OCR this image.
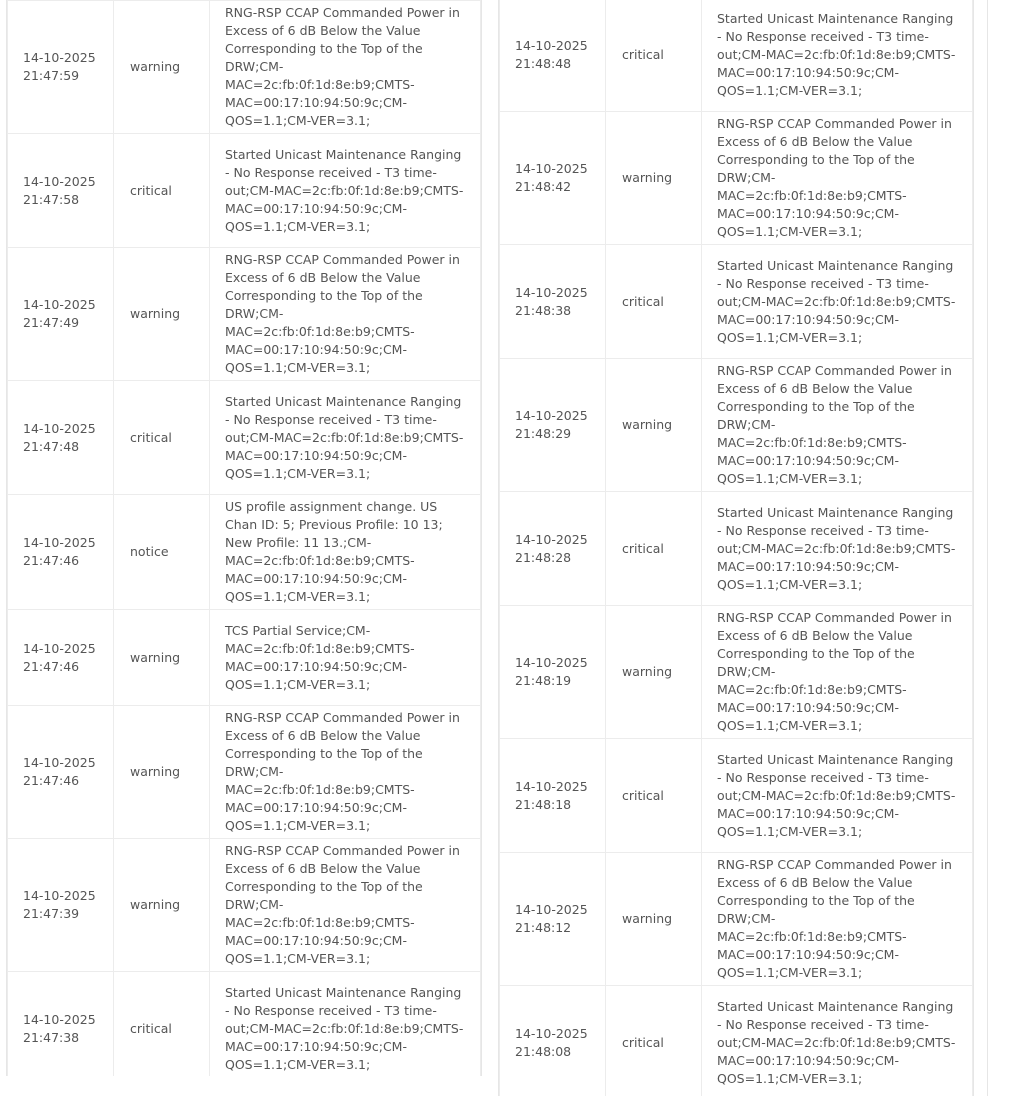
14-10-2025
21:47:59	warning	RNG-RSP CCAP Commanded Power in Excess of 6 dB Below the Value Corresponding to the Top of the DRW;CM-MAC=2c:fb:0f:1d:8e:b9;CMTS-MAC=00:17:10:94:50:9c;CM-QOS=1.1;CM-VER=3.1;
14-10-2025
21:47:58	critical	Started Unicast Maintenance Ranging - No Response received - T3 time-out;CM-MAC=2c:fb:0f:1d:8e:b9;CMTS-MAC=00:17:10:94:50:9c;CM-QOS=1.1;CM-VER=3.1;
14-10-2025
21:47:49	warning	RNG-RSP CCAP Commanded Power in Excess of 6 dB Below the Value Corresponding to the Top of the DRW;CM-MAC=2c:fb:0f:1d:8e:b9;CMTS-MAC=00:17:10:94:50:9c;CM-QOS=1.1;CM-VER=3.1;
14-10-2025
21:47:48	critical	Started Unicast Maintenance Ranging - No Response received - T3 time-out;CM-MAC=2c:fb:0f:1d:8e:b9;CMTS-MAC=00:17:10:94:50:9c;CM-QOS=1.1;CM-VER=3.1;
14-10-2025
21:47:46	notice	US profile assignment change. US Chan ID: 5; Previous Profile: 10 13; New Profile: 11 13.;CM-MAC=2c:fb:0f:1d:8e:b9;CMTS-MAC=00:17:10:94:50:9c;CM-QOS=1.1;CM-VER=3.1;
14-10-2025
21:47:46	warning	TCS Partial Service;CM-MAC=2c:fb:0f:1d:8e:b9;CMTS-MAC=00:17:10:94:50:9c;CM-QOS=1.1;CM-VER=3.1;
14-10-2025
21:47:46	warning	RNG-RSP CCAP Commanded Power in Excess of 6 dB Below the Value Corresponding to the Top of the DRW;CM-MAC=2c:fb:0f:1d:8e:b9;CMTS-MAC=00:17:10:94:50:9c;CM-QOS=1.1;CM-VER=3.1;
14-10-2025
21:47:39	warning	RNG-RSP CCAP Commanded Power in Excess of 6 dB Below the Value Corresponding to the Top of the DRW;CM-MAC=2c:fb:0f:1d:8e:b9;CMTS-MAC=00:17:10:94:50:9c;CM-QOS=1.1;CM-VER=3.1;
14-10-2025
21:47:38	critical	Started Unicast Maintenance Ranging - No Response received - T3 time-out;CM-MAC=2c:fb:0f:1d:8e:b9;CMTS-MAC=00:17:10:94:50:9c;CM-QOS=1.1;CM-VER=3.1;
14-10-2025
21:48:48	critical	Started Unicast Maintenance Ranging - No Response received - T3 time-out;CM-MAC=2c:fb:0f:1d:8e:b9;CMTS-MAC=00:17:10:94:50:9c;CM-QOS=1.1;CM-VER=3.1;
14-10-2025
21:48:42	warning	RNG-RSP CCAP Commanded Power in Excess of 6 dB Below the Value Corresponding to the Top of the DRW;CM-MAC=2c:fb:0f:1d:8e:b9;CMTS-MAC=00:17:10:94:50:9c;CM-QOS=1.1;CM-VER=3.1;
14-10-2025
21:48:38	critical	Started Unicast Maintenance Ranging - No Response received - T3 time-out;CM-MAC=2c:fb:0f:1d:8e:b9;CMTS-MAC=00:17:10:94:50:9c;CM-QOS=1.1;CM-VER=3.1;
14-10-2025
21:48:29	warning	RNG-RSP CCAP Commanded Power in Excess of 6 dB Below the Value Corresponding to the Top of the DRW;CM-MAC=2c:fb:0f:1d:8e:b9;CMTS-MAC=00:17:10:94:50:9c;CM-QOS=1.1;CM-VER=3.1;
14-10-2025
21:48:28	critical	Started Unicast Maintenance Ranging - No Response received - T3 time-out;CM-MAC=2c:fb:0f:1d:8e:b9;CMTS-MAC=00:17:10:94:50:9c;CM-QOS=1.1;CM-VER=3.1;
14-10-2025
21:48:19	warning	RNG-RSP CCAP Commanded Power in Excess of 6 dB Below the Value Corresponding to the Top of the DRW;CM-MAC=2c:fb:0f:1d:8e:b9;CMTS-MAC=00:17:10:94:50:9c;CM-QOS=1.1;CM-VER=3.1;
14-10-2025
21:48:18	critical	Started Unicast Maintenance Ranging - No Response received - T3 time-out;CM-MAC=2c:fb:0f:1d:8e:b9;CMTS-MAC=00:17:10:94:50:9c;CM-QOS=1.1;CM-VER=3.1;
14-10-2025
21:48:12	warning	RNG-RSP CCAP Commanded Power in Excess of 6 dB Below the Value Corresponding to the Top of the DRW;CM-MAC=2c:fb:0f:1d:8e:b9;CMTS-MAC=00:17:10:94:50:9c;CM-QOS=1.1;CM-VER=3.1;
14-10-2025
21:48:08	critical	Started Unicast Maintenance Ranging - No Response received - T3 time-out;CM-MAC=2c:fb:0f:1d:8e:b9;CMTS-MAC=00:17:10:94:50:9c;CM-QOS=1.1;CM-VER=3.1;
